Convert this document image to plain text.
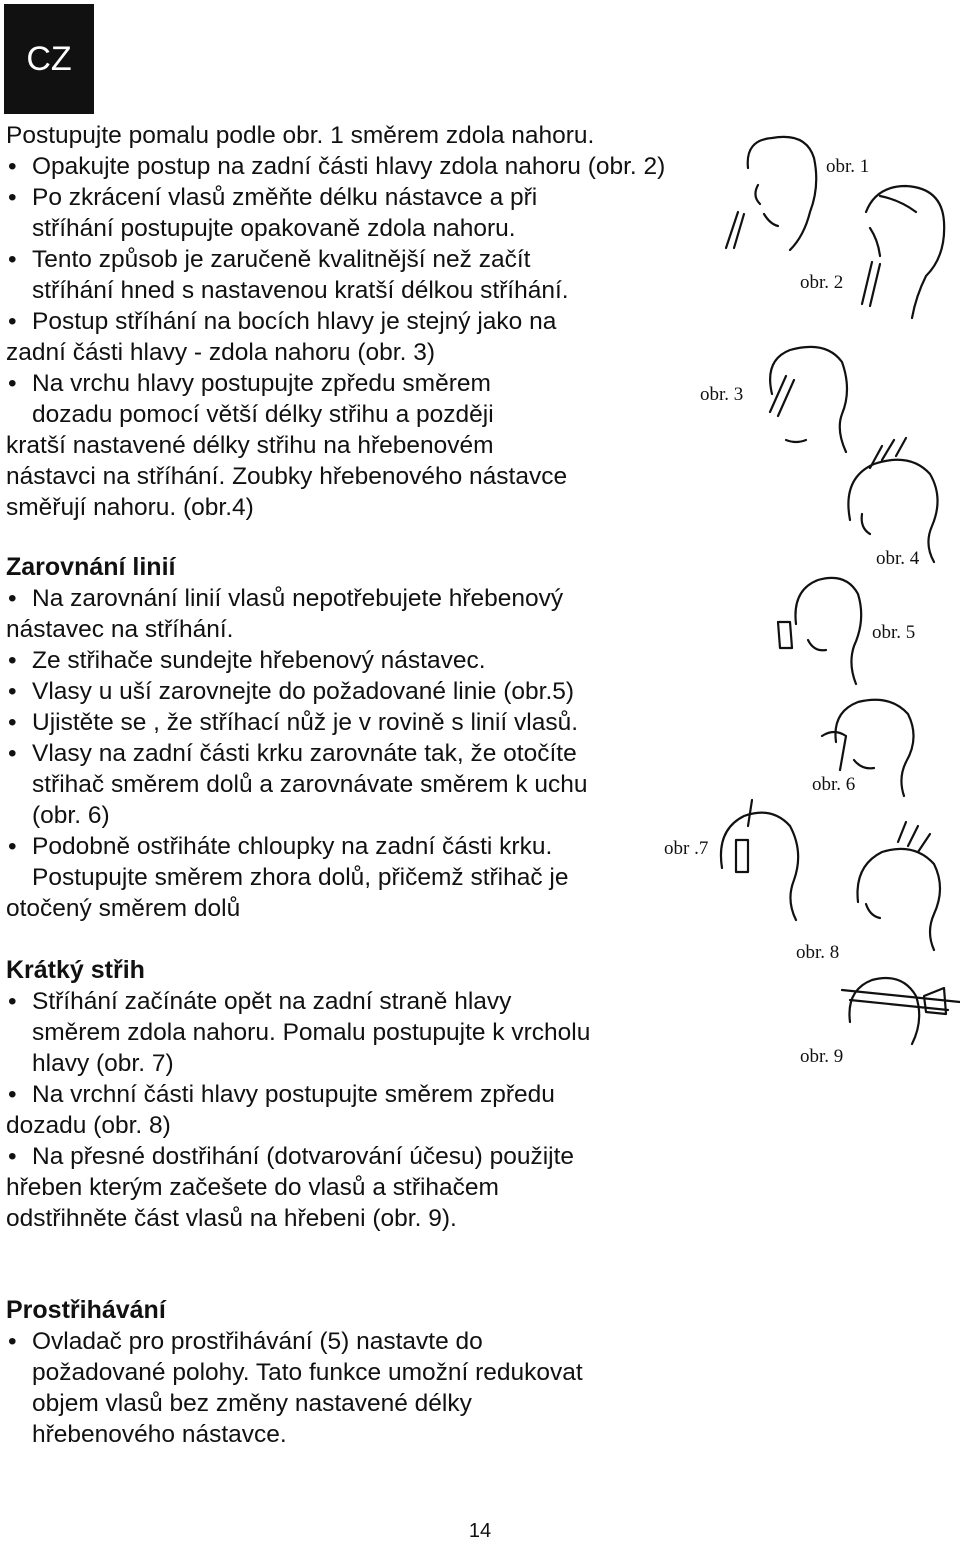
CZ
Postupujte pomalu podle obr. 1 směrem zdola nahoru.
• Opakujte postup na zadní části hlavy zdola nahoru (obr. 2)
• Po zkrácení vlasů změňte délku nástavce a při
stříhání postupujte opakovaně zdola nahoru.
• Tento způsob je zaručeně kvalitnější než začít
stříhání hned s nastavenou kratší délkou stříhání.
• Postup stříhání na bocích hlavy je stejný jako na
zadní části hlavy - zdola nahoru (obr. 3)
• Na vrchu hlavy postupujte zpředu směrem
dozadu pomocí větší délky střihu a později
kratší nastavené délky střihu na hřebenovém
nástavci na stříhání. Zoubky hřebenového nástavce
směřují nahoru. (obr.4)
Zarovnání linií
• Na zarovnání linií vlasů nepotřebujete hřebenový
nástavec na stříhání.
• Ze střihače sundejte hřebenový nástavec.
• Vlasy u uší zarovnejte do požadované linie (obr.5)
• Ujistěte se , že stříhací nůž je v rovině s linií vlasů.
• Vlasy na zadní části krku zarovnáte tak, že otočíte
střihač směrem dolů a zarovnávate směrem k uchu
(obr. 6)
• Podobně ostřiháte chloupky na zadní části krku.
Postupujte směrem zhora dolů, přičemž střihač je
otočený směrem dolů
Krátký střih
• Stříhání začínáte opět na zadní straně hlavy
směrem zdola nahoru. Pomalu postupujte k vrcholu
hlavy (obr. 7)
• Na vrchní části hlavy postupujte směrem zpředu
dozadu (obr. 8)
• Na přesné dostřihání (dotvarování účesu) použijte
hřeben kterým začešete do vlasů a střihačem
odstřihněte část vlasů na hřebeni (obr. 9).
Prostřihávání
• Ovladač pro prostřihávání (5) nastavte do
požadované polohy. Tato funkce umožní redukovat
objem vlasů bez změny nastavené délky
hřebenového nástavce.
obr. 1
obr. 2
obr. 3
obr. 4
obr. 5
obr. 6
obr .7
obr. 8
obr. 9
14
